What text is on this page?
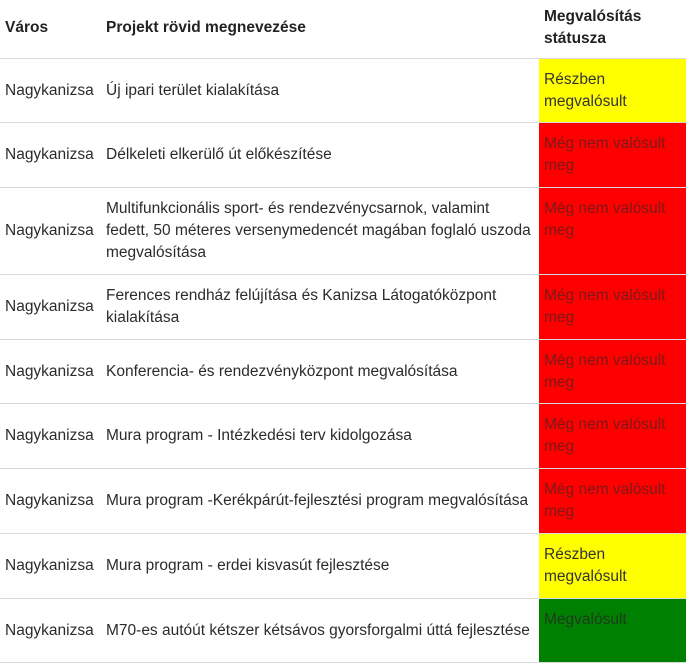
Város	Projekt rövid megnevezése	Megvalósítás státusza
Nagykanizsa	Új ipari terület kialakítása	Részben megvalósult
Nagykanizsa	Délkeleti elkerülő út előkészítése	Még nem valósult meg
Nagykanizsa	Multifunkcionális sport- és rendezvénycsarnok, valamint fedett, 50 méteres versenymedencét magában foglaló uszoda megvalósítása	Még nem valósult meg
Nagykanizsa	Ferences rendház felújítása és Kanizsa Látogatóközpont kialakítása	Még nem valósult meg
Nagykanizsa	Konferencia- és rendezvényközpont megvalósítása	Még nem valósult meg
Nagykanizsa	Mura program - Intézkedési terv kidolgozása	Még nem valósult meg
Nagykanizsa	Mura program -Kerékpárút-fejlesztési program megvalósítása	Még nem valósult meg
Nagykanizsa	Mura program - erdei kisvasút fejlesztése	Részben megvalósult
Nagykanizsa	M70-es autóút kétszer kétsávos gyorsforgalmi úttá fejlesztése	Megvalósult
